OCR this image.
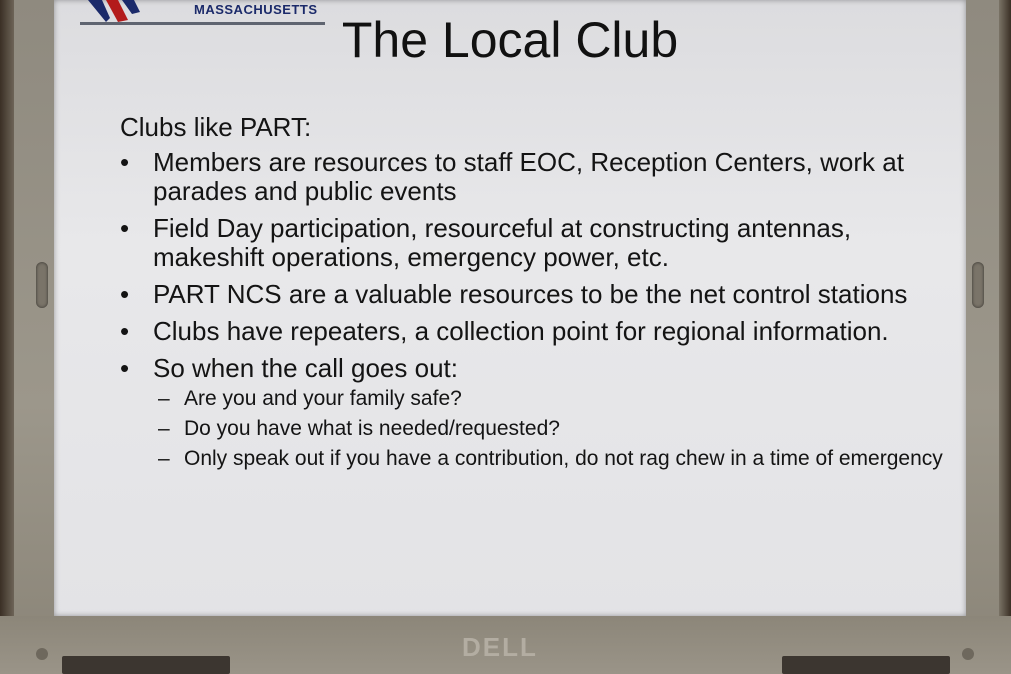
MASSACHUSETTS
The Local Club
Clubs like PART:
• Members are resources to staff EOC, Reception Centers, work at parades and public events
• Field Day participation, resourceful at constructing antennas, makeshift operations, emergency power, etc.
• PART NCS are a valuable resources to be the net control stations
• Clubs have repeaters, a collection point for regional information.
• So when the call goes out:
– Are you and your family safe?
– Do you have what is needed/requested?
– Only speak out if you have a contribution, do not rag chew in a time of emergency
DELL
